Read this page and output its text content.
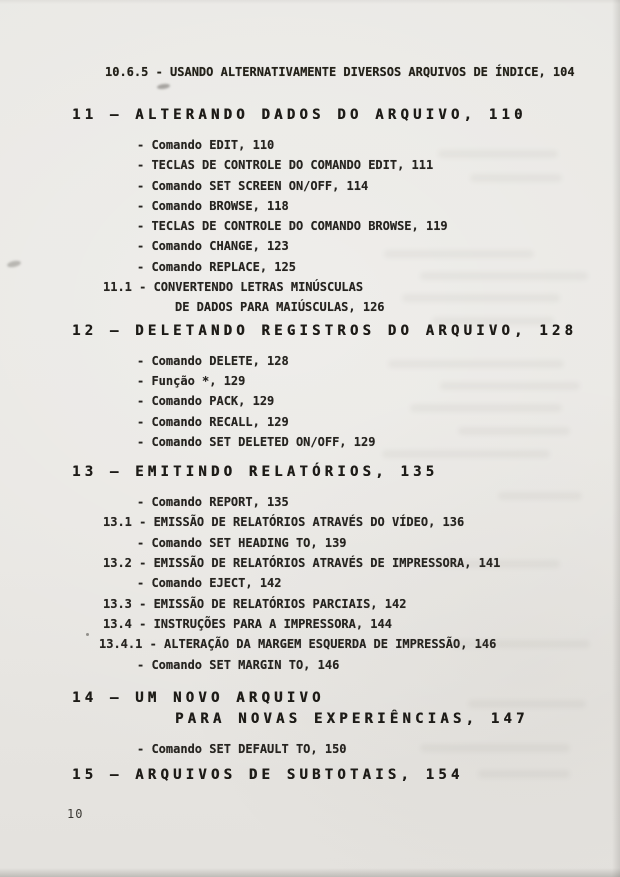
10.6.5 - USANDO ALTERNATIVAMENTE DIVERSOS ARQUIVOS DE ÍNDICE, 104
11 — ALTERANDO DADOS DO ARQUIVO, 110
- Comando EDIT, 110
- TECLAS DE CONTROLE DO COMANDO EDIT, 111
- Comando SET SCREEN ON/OFF, 114
- Comando BROWSE, 118
- TECLAS DE CONTROLE DO COMANDO BROWSE, 119
- Comando CHANGE, 123
- Comando REPLACE, 125
11.1 - CONVERTENDO LETRAS MINÚSCULAS
DE DADOS PARA MAIÚSCULAS, 126
12 — DELETANDO REGISTROS DO ARQUIVO, 128
- Comando DELETE, 128
- Função *, 129
- Comando PACK, 129
- Comando RECALL, 129
- Comando SET DELETED ON/OFF, 129
13 — EMITINDO RELATÓRIOS, 135
- Comando REPORT, 135
13.1 - EMISSÃO DE RELATÓRIOS ATRAVÉS DO VÍDEO, 136
- Comando SET HEADING TO, 139
13.2 - EMISSÃO DE RELATÓRIOS ATRAVÉS DE IMPRESSORA, 141
- Comando EJECT, 142
13.3 - EMISSÃO DE RELATÓRIOS PARCIAIS, 142
13.4 - INSTRUÇÕES PARA A IMPRESSORA, 144
13.4.1 - ALTERAÇÃO DA MARGEM ESQUERDA DE IMPRESSÃO, 146
- Comando SET MARGIN TO, 146
14 — UM NOVO ARQUIVO
PARA NOVAS EXPERIÊNCIAS, 147
- Comando SET DEFAULT TO, 150
15 — ARQUIVOS DE SUBTOTAIS, 154
10
